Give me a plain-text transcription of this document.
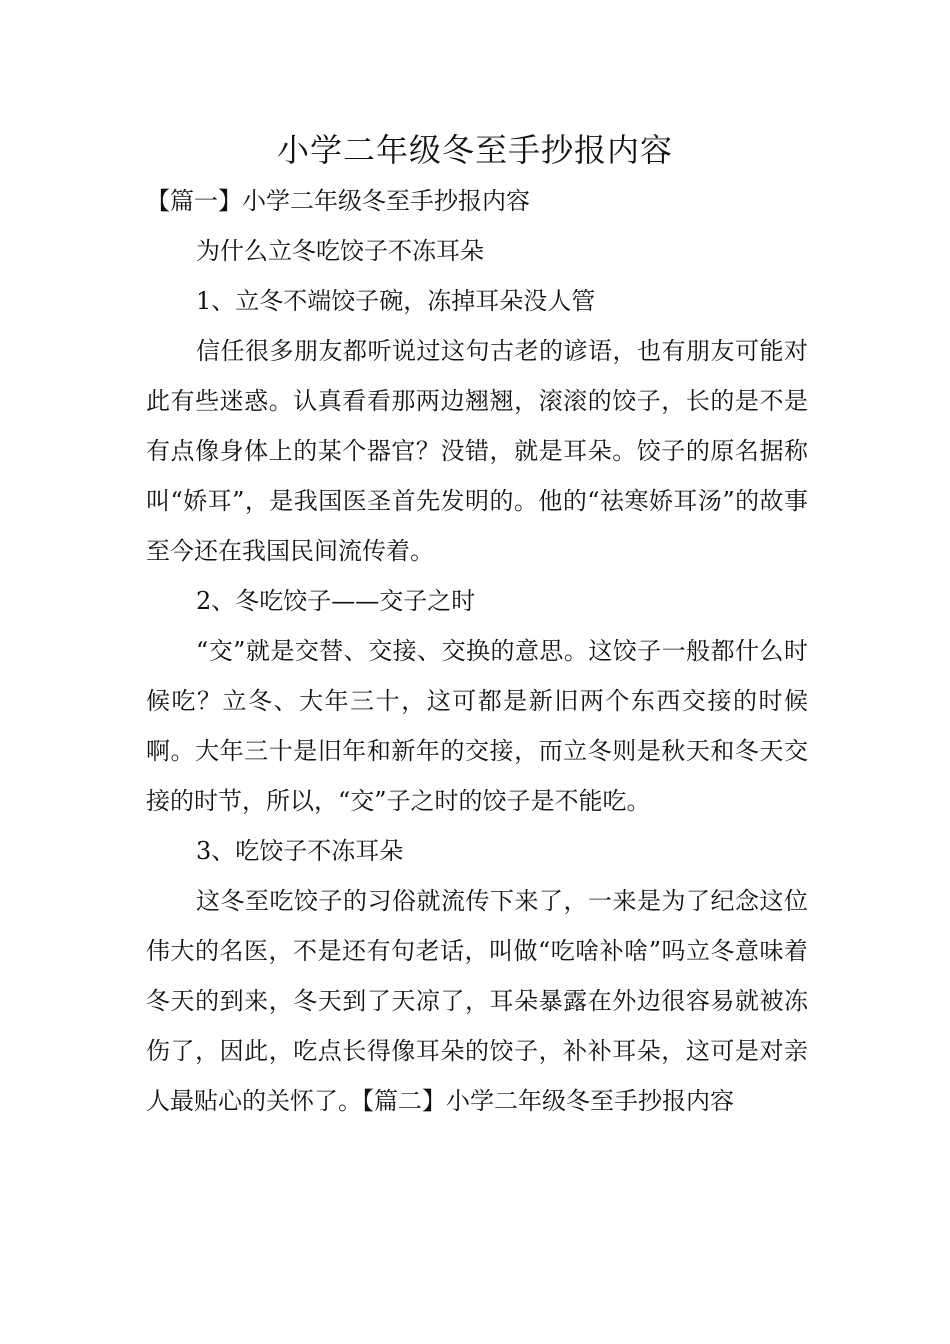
小学二年级冬至手抄报内容

【篇一】小学二年级冬至手抄报内容

为什么立冬吃饺子不冻耳朵

1、立冬不端饺子碗，冻掉耳朵没人管

信任很多朋友都听说过这句古老的谚语，也有朋友可能对此有些迷惑。认真看看那两边翘翘，滚滚的饺子，长的是不是有点像身体上的某个器官？没错，就是耳朵。饺子的原名据称叫“娇耳”，是我国医圣首先发明的。他的“祛寒娇耳汤”的故事至今还在我国民间流传着。

2、冬吃饺子——交子之时

“交”就是交替、交接、交换的意思。这饺子一般都什么时候吃？立冬、大年三十，这可都是新旧两个东西交接的时候啊。大年三十是旧年和新年的交接，而立冬则是秋天和冬天交接的时节，所以，“交”子之时的饺子是不能吃。

3、吃饺子不冻耳朵

这冬至吃饺子的习俗就流传下来了，一来是为了纪念这位伟大的名医，不是还有句老话，叫做“吃啥补啥”吗立冬意味着冬天的到来，冬天到了天凉了，耳朵暴露在外边很容易就被冻伤了，因此，吃点长得像耳朵的饺子，补补耳朵，这可是对亲人最贴心的关怀了。【篇二】小学二年级冬至手抄报内容
